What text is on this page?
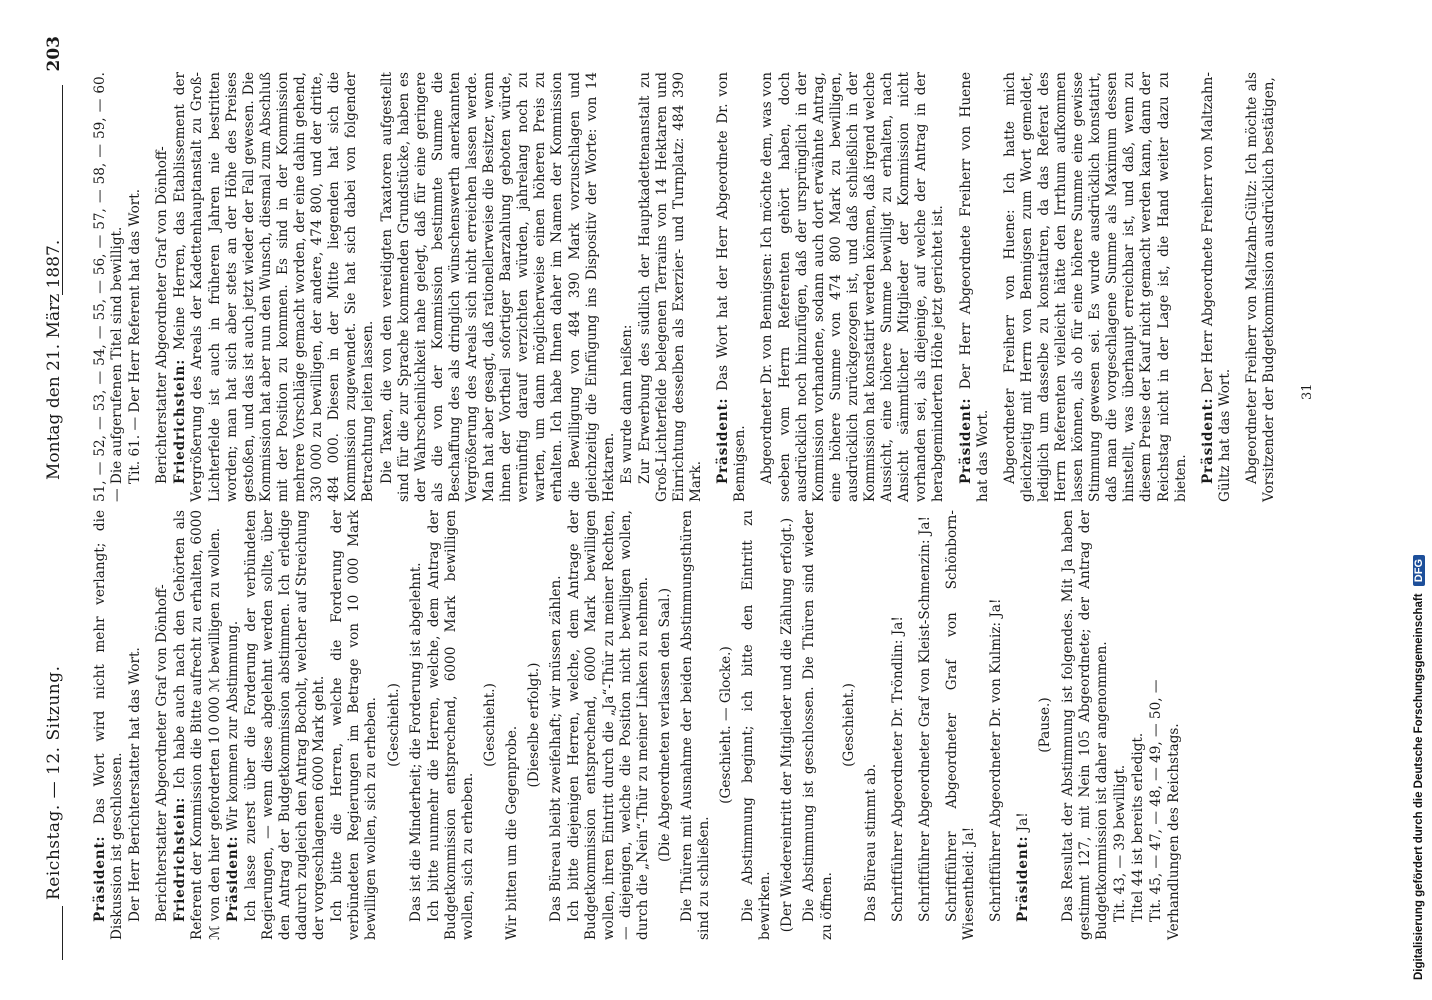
Reichstag. — 12. Sitzung.
Montag den 21. März 1887.
203

Präsident: Das Wort wird nicht mehr verlangt; die Diskussion ist geschlossen. Der Herr Berichterstatter hat das Wort. Berichterstatter Abgeordneter Graf von Dönhoff- Friedrichstein: Ich habe auch nach den Gehörten als Referent der Kommission die Bitte aufrecht zu erhalten, 6000 ℳ von den hier geforderten 10 000 ℳ bewilligen zu wollen. Präsident: Wir kommen zur Abstimmung. Ich lasse zuerst über die Forderung der verbündeten Regierungen, — wenn diese abgelehnt werden sollte, über den Antrag der Budgetkommission abstimmen. Ich erledige dadurch zugleich den Antrag Bocholt, welcher auf Streichung der vorgeschlagenen 6000 Mark geht. Ich bitte die Herren, welche die Forderung der verbündeten Regierungen im Betrage von 10 000 Mark bewilligen wollen, sich zu erheben. (Geschieht.) Das ist die Minderheit; die Forderung ist abgelehnt. Ich bitte nunmehr die Herren, welche, dem Antrag der Budgetkommission entsprechend, 6000 Mark bewilligen wollen, sich zu erheben.

(Geschieht.)

Wir bitten um die Gegenprobe.

(Dieselbe erfolgt.) Das Büreau bleibt zweifelhaft; wir müssen zählen. Ich bitte diejenigen Herren, welche, dem Antrage der Budgetkommission entsprechend, 6000 Mark bewilligen wollen, ihren Eintritt durch die „Ja“-Thür zu meiner Rechten, — diejenigen, welche die Position nicht bewilligen wollen, durch die „Nein“-Thür zu meiner Linken zu nehmen. (Die Abgeordneten verlassen den Saal.) Die Thüren mit Ausnahme der beiden Abstimmungsthüren sind zu schließen.

(Geschieht. — Glocke.) Die Abstimmung beginnt; ich bitte den Eintritt zu bewirken. (Der Wiedereintritt der Mitglieder und die Zählung erfolgt.) Die Abstimmung ist geschlossen. Die Thüren sind wieder zu öffnen.

(Geschieht.)

Das Büreau stimmt ab. Schriftführer Abgeordneter Dr. Tröndlin: Ja! Schriftführer Abgeordneter Graf von Kleist-Schmenzin: Ja! Schriftführer Abgeordneter Graf von Schönborn-Wiesentheid: Ja! Schriftführer Abgeordneter Dr. von Kulmiz: Ja! Präsident: Ja!

(Pause.) Das Resultat der Abstimmung ist folgendes. Mit Ja haben gestimmt 127, mit Nein 105 Abgeordnete; der Antrag der Budgetkommission ist daher angenommen. Tit. 43, — 39 bewilligt. Titel 44 ist bereits erledigt. Tit. 45, — 47, — 48, — 49, — 50, — Verhandlungen des Reichstags.

51, — 52, — 53, — 54, — 55, — 56, — 57, — 58, — 59, — 60. — Die aufgerufenen Titel sind bewilligt. Tit. 61. — Der Herr Referent hat das Wort. Berichterstatter Abgeordneter Graf von Dönhoff- Friedrichstein: Meine Herren, das Etablissement der Vergrößerung des Areals der Kadettenhauptanstalt zu Groß-Lichterfelde ist auch in früheren Jahren nie bestritten worden; man hat sich aber stets an der Höhe des Preises gestoßen, und das ist auch jetzt wieder der Fall gewesen. Die Kommission hat aber nun den Wunsch, diesmal zum Abschluß mit der Position zu kommen. Es sind in der Kommission mehrere Vorschläge gemacht worden, der eine dahin gehend, 330 000 zu bewilligen, der andere, 474 800, und der dritte, 484 000. Diesen in der Mitte liegenden hat sich die Kommission zugewendet. Sie hat sich dabei von folgender Betrachtung leiten lassen. Die Taxen, die von den vereidigten Taxatoren aufgestellt sind für die zur Sprache kommenden Grundstücke, haben es der Wahrscheinlichkeit nahe gelegt, daß für eine geringere als die von der Kommission bestimmte Summe die Beschaffung des als dringlich wünschenswerth anerkannten Vergrößerung des Areals sich nicht erreichen lassen werde. Man hat aber gesagt, daß rationellerweise die Besitzer, wenn ihnen der Vortheil sofortiger Baarzahlung geboten würde, vernünftig darauf verzichten würden, jahrelang noch zu warten, um dann möglicherweise einen höheren Preis zu erhalten. Ich habe Ihnen daher im Namen der Kommission die Bewilligung von 484 390 Mark vorzuschlagen und gleichzeitig die Einfügung ins Dispositiv der Worte: von 14 Hektaren. Es wurde dann heißen: Zur Erwerbung des südlich der Hauptkadettenanstalt zu Groß-Lichterfelde belegenen Terrains von 14 Hektaren und Einrichtung desselben als Exerzier- und Turnplatz: 484 390 Mark. Präsident: Das Wort hat der Herr Abgeordnete Dr. von Bennigsen. Abgeordneter Dr. von Bennigsen: Ich möchte dem, was von soeben vom Herrn Referenten gehört haben, doch ausdrücklich noch hinzufügen, daß der ursprünglich in der Kommission vorhandene, sodann auch dort erwähnte Antrag, eine höhere Summe von 474 800 Mark zu bewilligen, ausdrücklich zurückgezogen ist, und daß schließlich in der Kommission hat konstatirt werden können, daß irgend welche Aussicht, eine höhere Summe bewilligt zu erhalten, nach Ansicht sämmtlicher Mitglieder der Kommission nicht vorhanden sei, als diejenige, auf welche der Antrag in der herabgeminderten Höhe jetzt gerichtet ist. Präsident: Der Herr Abgeordnete Freiherr von Huene hat das Wort. Abgeordneter Freiherr von Huene: Ich hatte mich gleichzeitig mit Herrn von Bennigsen zum Wort gemeldet, lediglich um dasselbe zu konstatiren, da das Referat des Herrn Referenten vielleicht hätte den Irrthum aufkommen lassen können, als ob für eine höhere Summe eine gewisse Stimmung gewesen sei. Es wurde ausdrücklich konstatirt, daß man die vorgeschlagene Summe als Maximum dessen hinstellt, was überhaupt erreichbar ist, und daß, wenn zu diesem Preise der Kauf nicht gemacht werden kann, dann der Reichstag nicht in der Lage ist, die Hand weiter dazu zu bieten. Präsident: Der Herr Abgeordnete Freiherr von Maltzahn-Gültz hat das Wort. Abgeordneter Freiherr von Maltzahn-Gültz: Ich möchte als Vorsitzender der Budgetkommission ausdrücklich bestätigen, 31
Digitalisierung gefördert durch die Deutsche Forschungsgemeinschaft DFG
